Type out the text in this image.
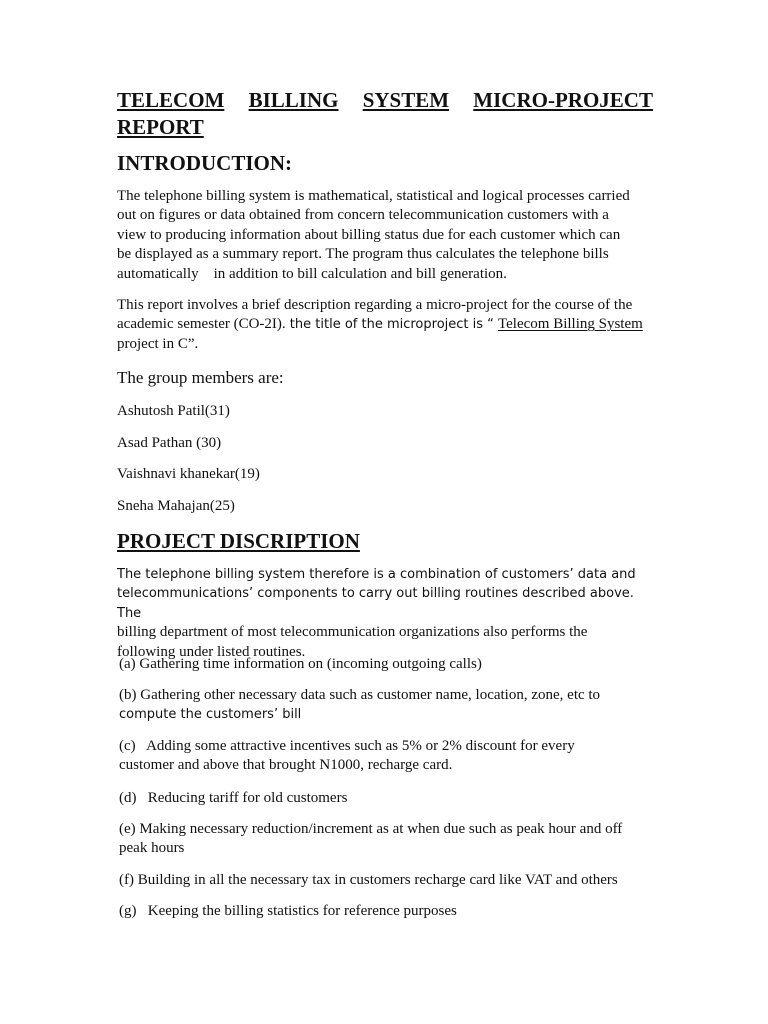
TELECOM BILLING SYSTEM MICRO-PROJECT
REPORT
INTRODUCTION:
The telephone billing system is mathematical, statistical and logical processes carried
out on figures or data obtained from concern telecommunication customers with a
view to producing information about billing status due for each customer which can
be displayed as a summary report. The program thus calculates the telephone bills
automatically    in addition to bill calculation and bill generation.
This report involves a brief description regarding a micro-project for the course of the
academic semester (CO-2I). the title of the microproject is “ Telecom Billing System
project in C”.
The group members are:
Ashutosh Patil(31)
Asad Pathan (30)
Vaishnavi khanekar(19)
Sneha Mahajan(25)
PROJECT DISCRIPTION
The telephone billing system therefore is a combination of customers’ data and
telecommunications’ components to carry out billing routines described above. The
billing department of most telecommunication organizations also performs the
following under listed routines.
(a) Gathering time information on (incoming outgoing calls)
(b) Gathering other necessary data such as customer name, location, zone, etc to
compute the customers’ bill
(c)   Adding some attractive incentives such as 5% or 2% discount for every
customer and above that brought N1000, recharge card.
(d)   Reducing tariff for old customers
(e) Making necessary reduction/increment as at when due such as peak hour and off
peak hours
(f) Building in all the necessary tax in customers recharge card like VAT and others
(g)   Keeping the billing statistics for reference purposes
